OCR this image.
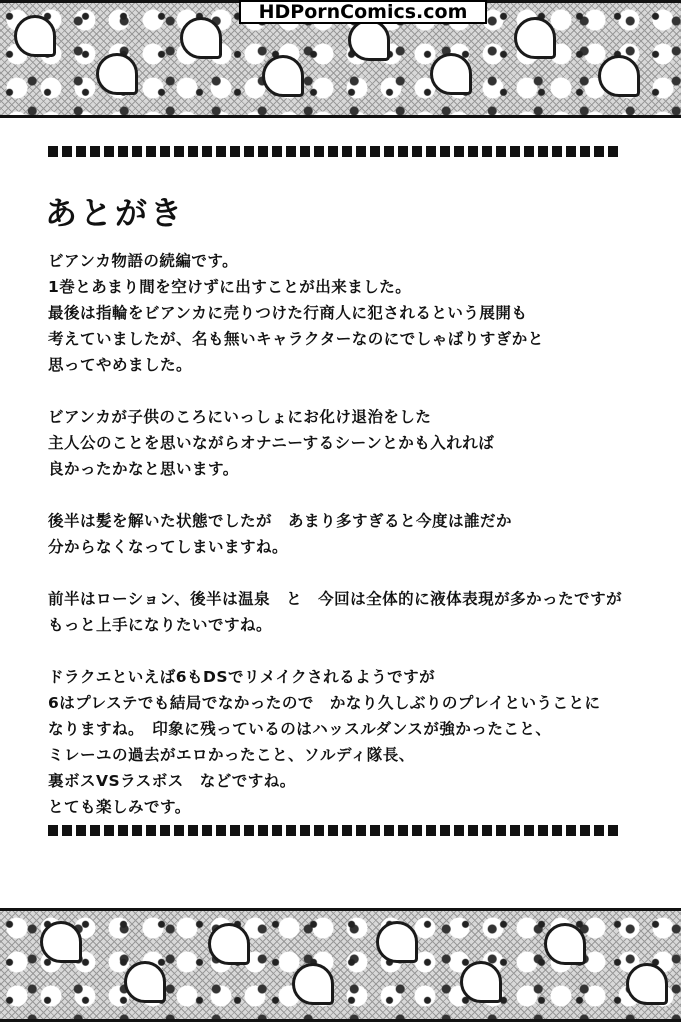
HDPornComics.com
あとがき
ビアンカ物語の続編です。
1巻とあまり間を空けずに出すことが出来ました。
最後は指輪をビアンカに売りつけた行商人に犯されるという展開も
考えていましたが、名も無いキャラクターなのにでしゃばりすぎかと
思ってやめました。
ビアンカが子供のころにいっしょにお化け退治をした
主人公のことを思いながらオナニーするシーンとかも入れれば
良かったかなと思います。
後半は髪を解いた状態でしたが　あまり多すぎると今度は誰だか
分からなくなってしまいますね。
前半はローション、後半は温泉　と　今回は全体的に液体表現が多かったですが
もっと上手になりたいですね。
ドラクエといえば6もDSでリメイクされるようですが
6はプレステでも結局でなかったので　かなり久しぶりのプレイということに
なりますね。　印象に残っているのはハッスルダンスが強かったこと、
ミレーユの過去がエロかったこと、ソルディ隊長、
裏ボスVSラスボス　などですね。
とても楽しみです。
